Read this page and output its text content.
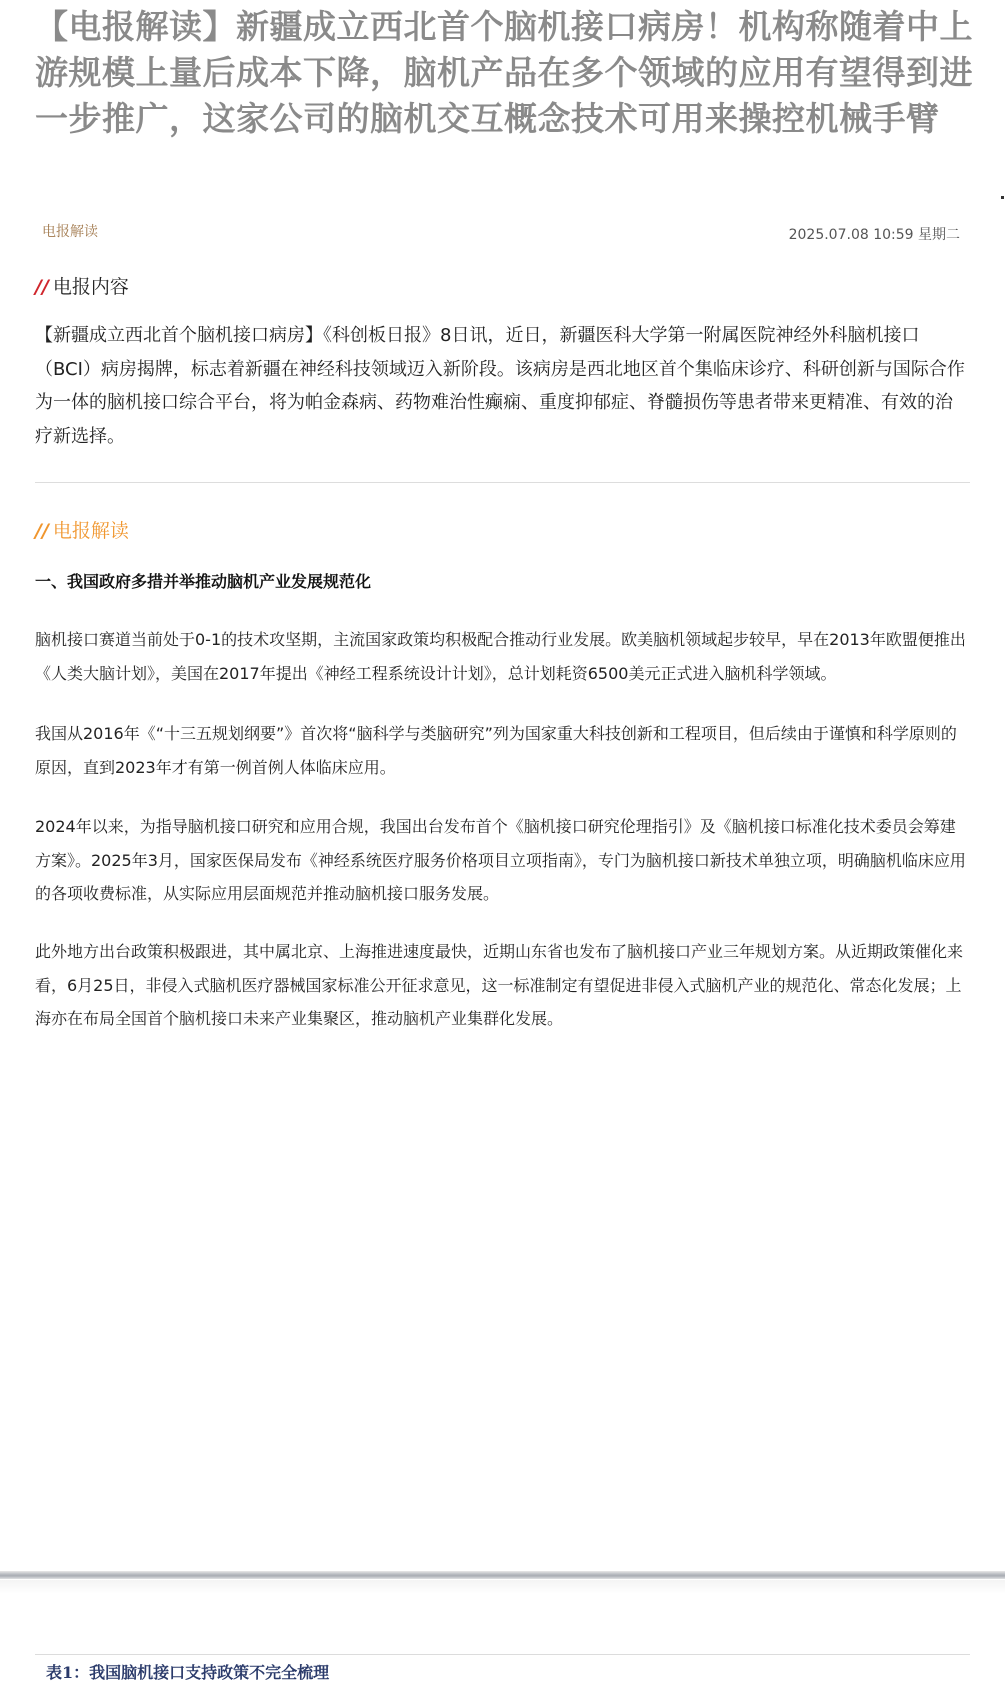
【电报解读】新疆成立西北首个脑机接口病房！机构称随着中上游规模上量后成本下降，脑机产品在多个领域的应用有望得到进一步推广，这家公司的脑机交互概念技术可用来操控机械手臂
电报解读	2025.07.08 10:59 星期二
// 电报内容

【新疆成立西北首个脑机接口病房】《科创板日报》8日讯，近日，新疆医科大学第一附属医院神经外科脑机接口（BCI）病房揭牌，标志着新疆在神经科技领域迈入新阶段。该病房是西北地区首个集临床诊疗、科研创新与国际合作为一体的脑机接口综合平台，将为帕金森病、药物难治性癫痫、重度抑郁症、脊髓损伤等患者带来更精准、有效的治疗新选择。

// 电报解读
一、我国政府多措并举推动脑机产业发展规范化

脑机接口赛道当前处于0-1的技术攻坚期，主流国家政策均积极配合推动行业发展。欧美脑机领域起步较早，早在2013年欧盟便推出《人类大脑计划》，美国在2017年提出《神经工程系统设计计划》，总计划耗资6500美元正式进入脑机科学领域。

我国从2016年《“十三五规划纲要”》首次将“脑科学与类脑研究”列为国家重大科技创新和工程项目，但后续由于谨慎和科学原则的原因，直到2023年才有第一例首例人体临床应用。

2024年以来，为指导脑机接口研究和应用合规，我国出台发布首个《脑机接口研究伦理指引》及《脑机接口标准化技术委员会筹建方案》。2025年3月，国家医保局发布《神经系统医疗服务价格项目立项指南》，专门为脑机接口新技术单独立项，明确脑机临床应用的各项收费标准，从实际应用层面规范并推动脑机接口服务发展。

此外地方出台政策积极跟进，其中属北京、上海推进速度最快，近期山东省也发布了脑机接口产业三年规划方案。从近期政策催化来看，6月25日，非侵入式脑机医疗器械国家标准公开征求意见，这一标准制定有望促进非侵入式脑机产业的规范化、常态化发展；上海亦在布局全国首个脑机接口未来产业集聚区，推动脑机产业集群化发展。

表1：我国脑机接口支持政策不完全梳理
